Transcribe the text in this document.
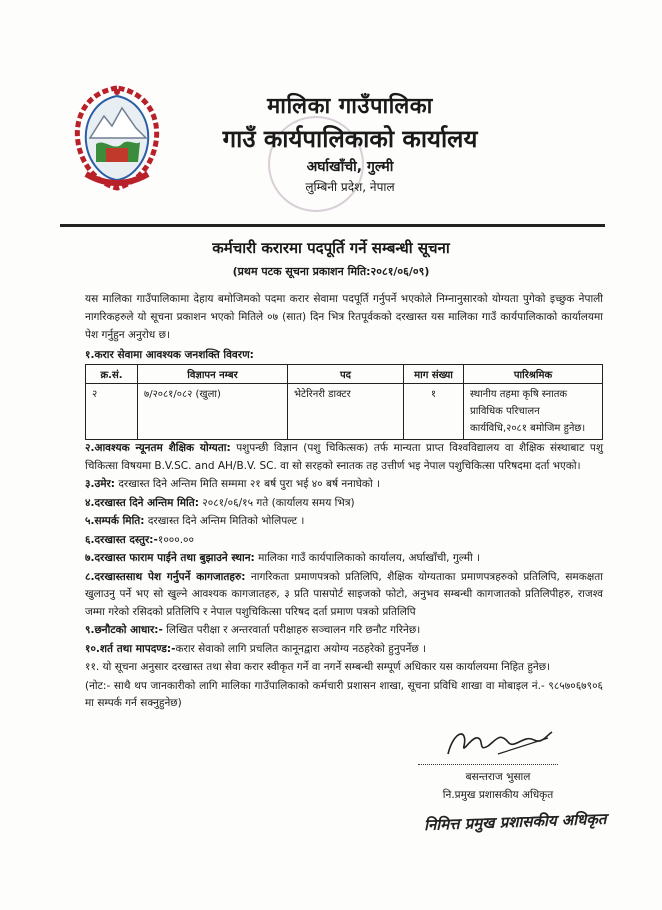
मालिका गाउँपालिका
गाउँ कार्यपालिकाको कार्यालय
अर्घाखाँची, गुल्मी
लुम्बिनी प्रदेश, नेपाल
कर्मचारी करारमा पदपूर्ति गर्ने सम्बन्धी सूचना
(प्रथम पटक सूचना प्रकाशन मिति:२०८१/०६/०९)
यस मालिका गाउँपालिकामा देहाय बमोजिमको पदमा करार सेवामा पदपूर्ति गर्नुपर्ने भएकोले निम्नानुसारको योग्यता पुगेको इच्छुक नेपाली नागरिकहरुले यो सूचना प्रकाशन भएको मितिले ०७ (सात) दिन भित्र रितपूर्वकको दरखास्त यस मालिका गाउँ कार्यपालिकाको कार्यालयमा पेश गर्नुहुन अनुरोध छ।
१.करार सेवामा आवश्यक जनशक्ति विवरण:
क्र.सं.	विज्ञापन नम्बर	पद	माग संख्या	पारिश्रमिक
२	७/२०८१/०८२ (खुला)	भेटेरिनरी डाक्टर	१	स्थानीय तहमा कृषि स्नातक प्राविधिक परिचालन कार्यविधि,२०८१ बमोजिम हुनेछ।

२.आवश्यक न्यूनतम शैक्षिक योग्यता: पशुपन्छी विज्ञान (पशु चिकित्सक) तर्फ मान्यता प्राप्त विश्वविद्यालय वा शैक्षिक संस्थाबाट पशु चिकित्सा विषयमा B.V.SC. and AH/B.V. SC. वा सो सरहको स्नातक तह उत्तीर्ण भइ नेपाल पशुचिकित्सा परिषदमा दर्ता भएको।

३.उमेर: दरखास्त दिने अन्तिम मिति सम्ममा २१ बर्ष पुरा भई ४० बर्ष ननाघेको ।

४.दरखास्त दिने अन्तिम मिति: २०८१/०६/१५ गते (कार्यालय समय भित्र)

५.सम्पर्क मिति: दरखास्त दिने अन्तिम मितिको भोलिपल्ट ।

६.दरखास्त दस्तुर:-१०००.००

७.दरखास्त फाराम पाईने तथा बुझाउने स्थान: मालिका गाउँ कार्यपालिकाको कार्यालय, अर्घाखाँची, गुल्मी ।

८.दरखास्तसाथ पेश गर्नुपर्ने कागजातहरु: नागरिकता प्रमाणपत्रको प्रतिलिपि, शैक्षिक योग्यताका प्रमाणपत्रहरुको प्रतिलिपि, समकक्षता खुलाउनु पर्ने भए सो खुल्ने आवश्यक कागजातहरु, ३ प्रति पासपोर्ट साइजको फोटो, अनुभव सम्बन्धी कागजातको प्रतिलिपीहरु, राजश्व जम्मा गरेको रसिदको प्रतिलिपि र नेपाल पशुचिकित्सा परिषद दर्ता प्रमाण पत्रको प्रतिलिपि

९.छनौटको आधार:- लिखित परीक्षा र अन्तरवार्ता परीक्षाहरु सञ्चालन गरि छनौट गरिनेछ।

१०.शर्त तथा मापदण्ड:-करार सेवाको लागि प्रचलित कानूनद्वारा अयोग्य नठहरेको हुनुपर्नेछ ।

११. यो सूचना अनुसार दरखास्त तथा सेवा करार स्वीकृत गर्ने वा नगर्ने सम्बन्धी सम्पूर्ण अधिकार यस कार्यालयमा निहित हुनेछ।

(नोट:- साथै थप जानकारीको लागि मालिका गाउँपालिकाको कर्मचारी प्रशासन शाखा, सूचना प्रविधि शाखा वा मोबाइल नं.- ९८५७०६७९०६ मा सम्पर्क गर्न सक्नुहुनेछ)

बसन्तराज भुसाल
नि.प्रमुख प्रशासकीय अधिकृत
निमित्त प्रमुख प्रशासकीय अधिकृत
